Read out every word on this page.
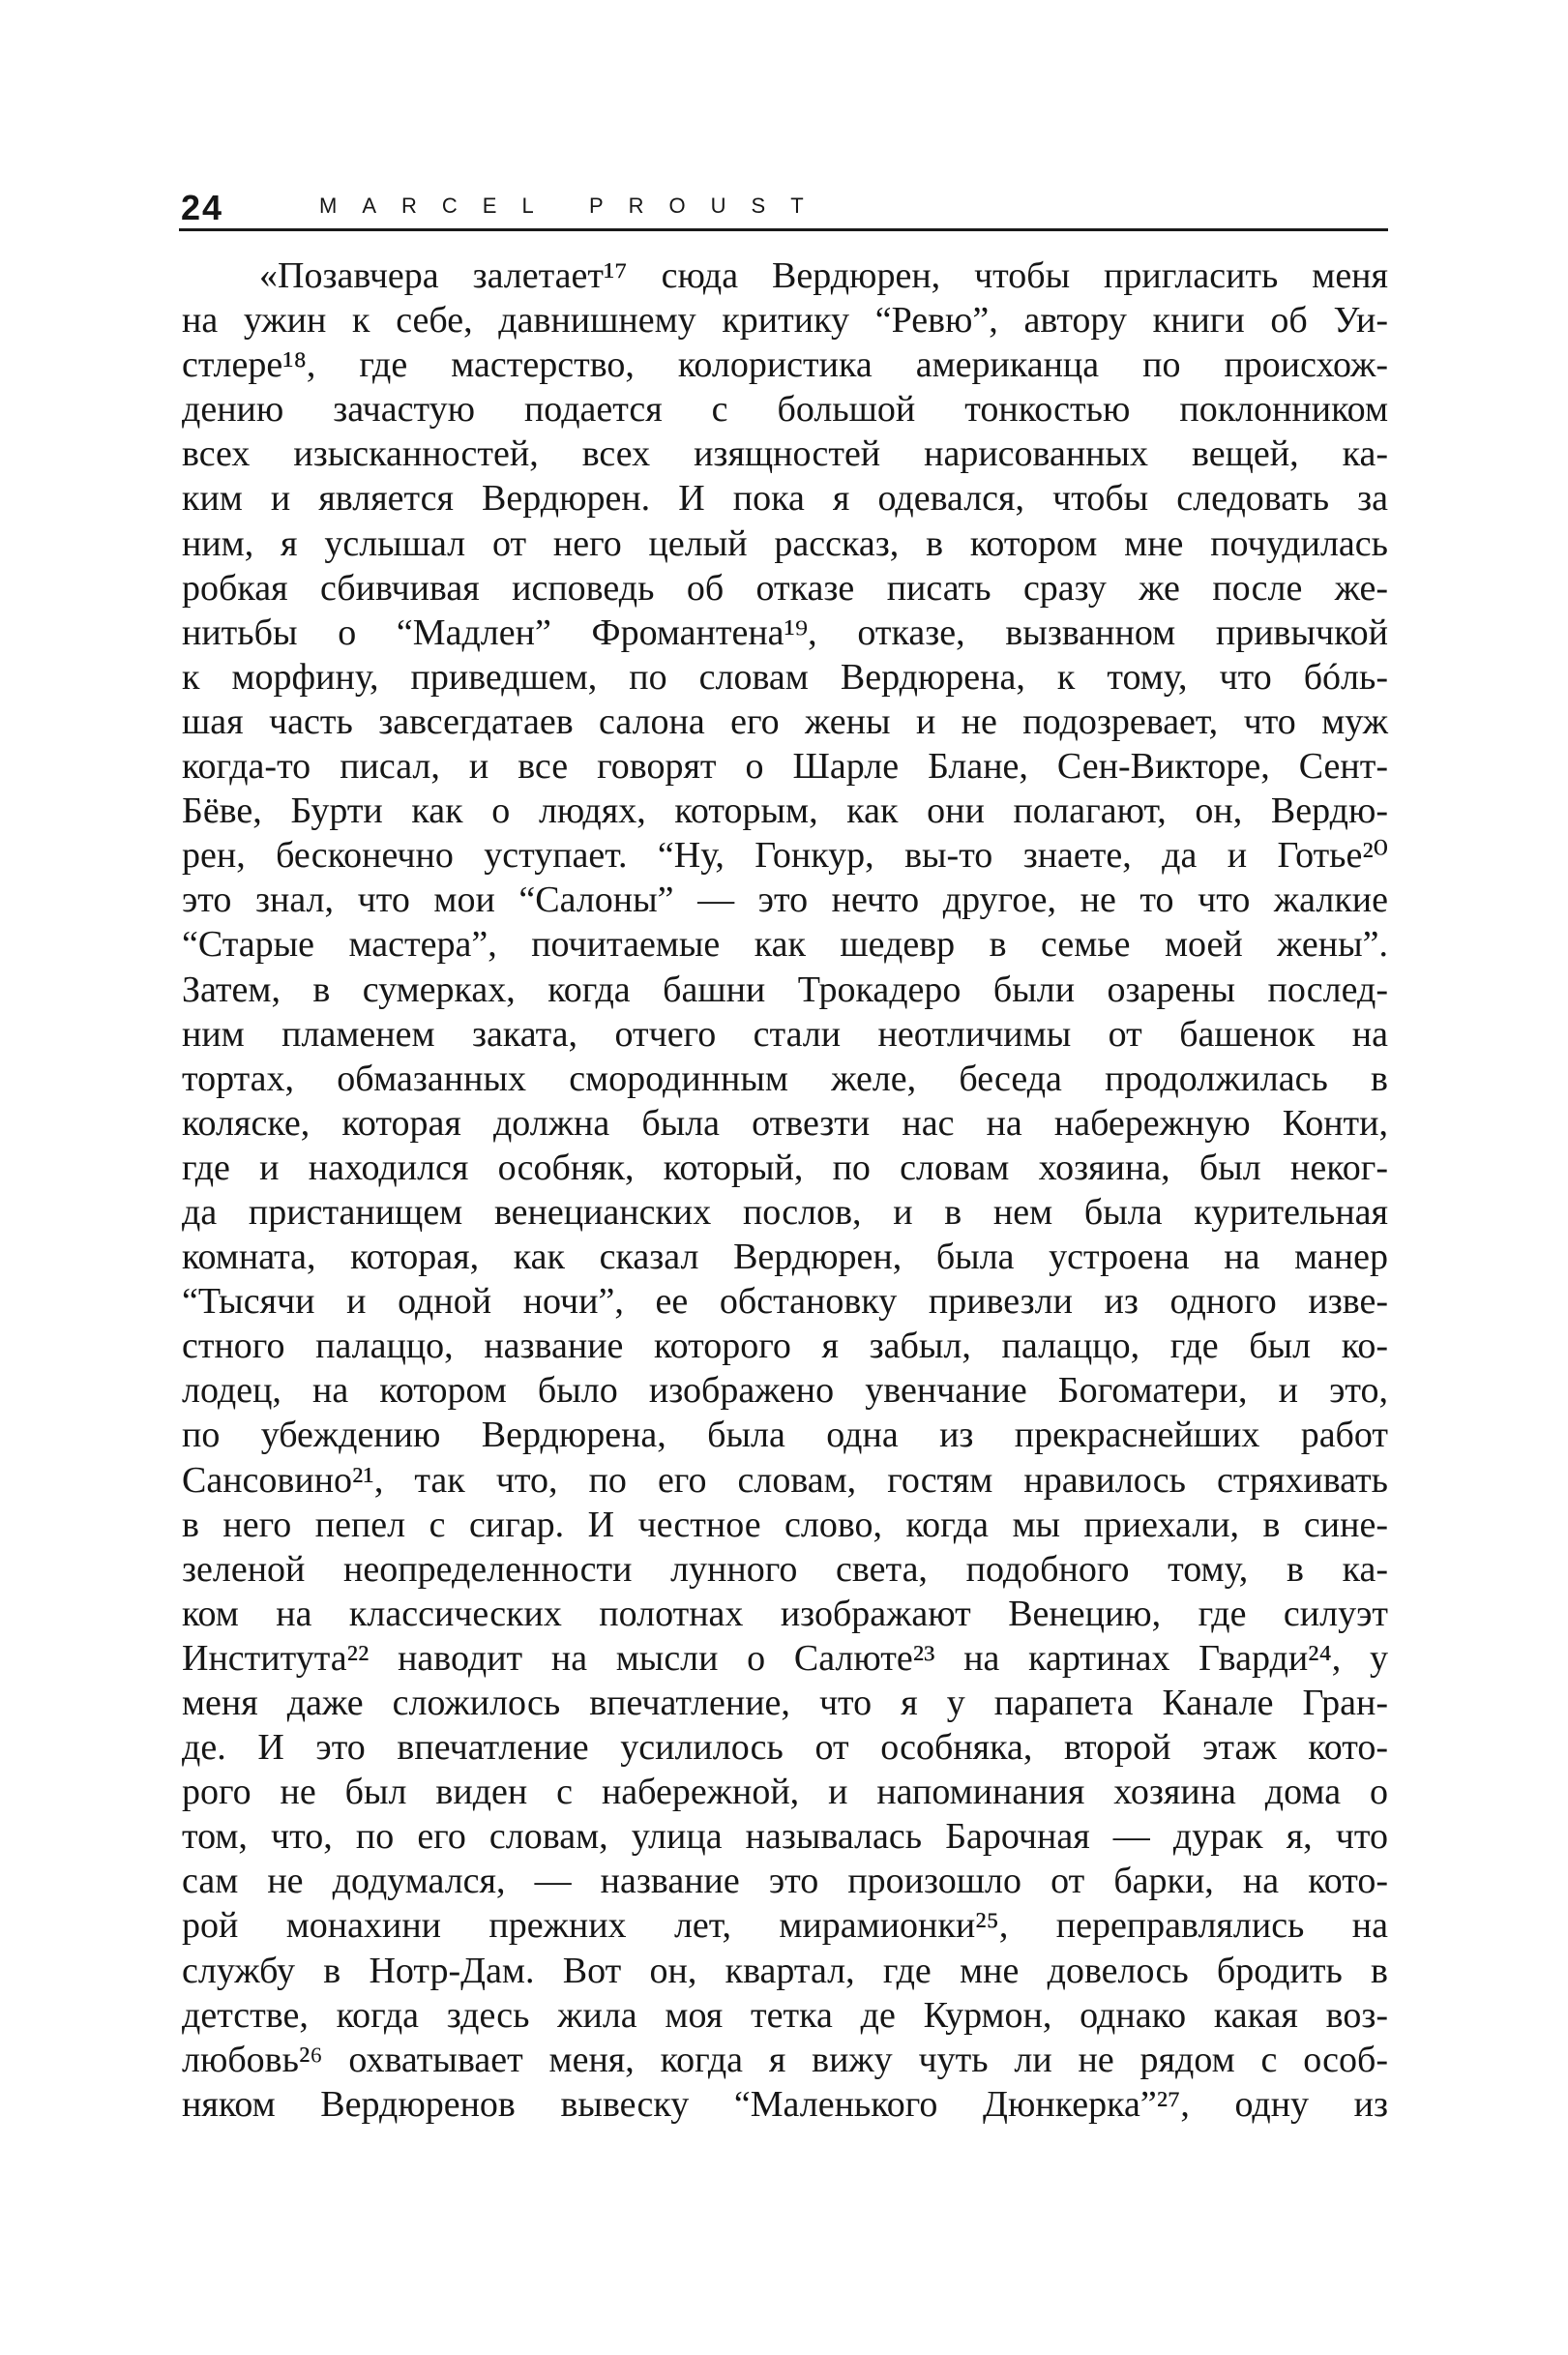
24	MARCEL PROUST
«Позавчера залетает¹⁷ сюда Вердюрен, чтобы пригласить меня
на ужин к себе, давнишнему критику “Ревю”, автору книги об Уи-
стлере¹⁸, где мастерство, колористика американца по происхож-
дению зачастую подается с большой тонкостью поклонником
всех изысканностей, всех изящностей нарисованных вещей, ка-
ким и является Вердюрен. И пока я одевался, чтобы следовать за
ним, я услышал от него целый рассказ, в котором мне почудилась
робкая сбивчивая исповедь об отказе писать сразу же после же-
нитьбы о “Мадлен” Фромантена¹⁹, отказе, вызванном привычкой
к морфину, приведшем, по словам Вердюрена, к тому, что бóль-
шая часть завсегдатаев салона его жены и не подозревает, что муж
когда-то писал, и все говорят о Шарле Блане, Сен-Викторе, Сент-
Бёве, Бурти как о людях, которым, как они полагают, он, Вердю-
рен, бесконечно уступает. “Ну, Гонкур, вы-то знаете, да и Готье²⁰
это знал, что мои “Салоны” — это нечто другое, не то что жалкие
“Старые мастера”, почитаемые как шедевр в семье моей жены”.
Затем, в сумерках, когда башни Трокадеро были озарены послед-
ним пламенем заката, отчего стали неотличимы от башенок на
тортах, обмазанных смородинным желе, беседа продолжилась в
коляске, которая должна была отвезти нас на набережную Конти,
где и находился особняк, который, по словам хозяина, был неког-
да пристанищем венецианских послов, и в нем была курительная
комната, которая, как сказал Вердюрен, была устроена на манер
“Тысячи и одной ночи”, ее обстановку привезли из одного изве-
стного палаццо, название которого я забыл, палаццо, где был ко-
лодец, на котором было изображено увенчание Богоматери, и это,
по убеждению Вердюрена, была одна из прекраснейших работ
Сансовино²¹, так что, по его словам, гостям нравилось стряхивать
в него пепел с сигар. И честное слово, когда мы приехали, в сине-
зеленой неопределенности лунного света, подобного тому, в ка-
ком на классических полотнах изображают Венецию, где силуэт
Института²² наводит на мысли о Салюте²³ на картинах Гварди²⁴, у
меня даже сложилось впечатление, что я у парапета Канале Гран-
де. И это впечатление усилилось от особняка, второй этаж кото-
рого не был виден с набережной, и напоминания хозяина дома о
том, что, по его словам, улица называлась Барочная — дурак я, что
сам не додумался, — название это произошло от барки, на кото-
рой монахини прежних лет, мирамионки²⁵, переправлялись на
службу в Нотр-Дам. Вот он, квартал, где мне довелось бродить в
детстве, когда здесь жила моя тетка де Курмон, однако какая воз-
любовь²⁶ охватывает меня, когда я вижу чуть ли не рядом с особ-
няком Вердюренов вывеску “Маленького Дюнкерка”²⁷, одну из
